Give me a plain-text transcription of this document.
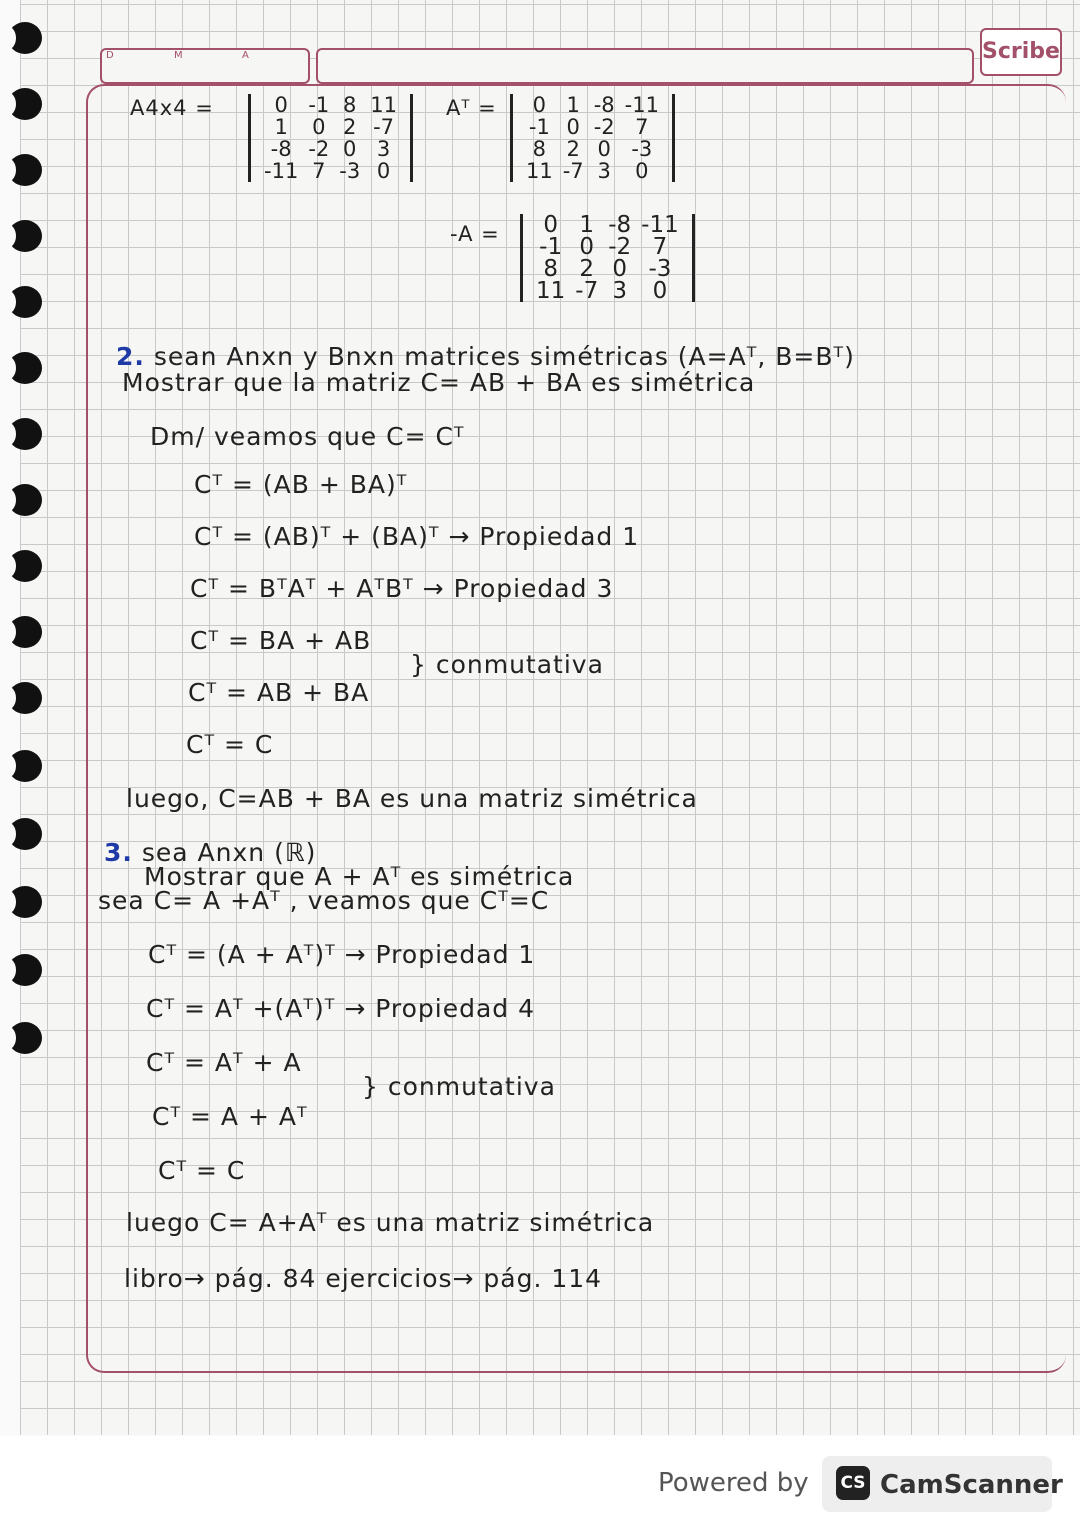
D	M	A	Scribe
A4x4 =	0	-1	8	11
1	0	2	-7
-8	-2	0	3
-11	7	-3	0
Aᵀ = 0	1	-8	-11
-1	0	-2	7
8	2	0	-3
11	-7	3	0
-A = 0	1	-8	-11
-1	0	-2	7
8	2	0	-3
11	-7	3	0
2. sean Anxn y Bnxn matrices simétricas (A=Aᵀ, B=Bᵀ)
Mostrar que la matriz C= AB + BA es simétrica
Dm/ veamos que C= Cᵀ
Cᵀ = (AB + BA)ᵀ
Cᵀ = (AB)ᵀ + (BA)ᵀ → Propiedad 1
Cᵀ = BᵀAᵀ + AᵀBᵀ → Propiedad 3
Cᵀ = BA + AB
} conmutativa
Cᵀ = AB + BA
Cᵀ = C
luego, C=AB + BA es una matriz simétrica
3. sea Anxn (ℝ)
Mostrar que A + Aᵀ es simétrica
sea C= A +Aᵀ , veamos que Cᵀ=C
Cᵀ = (A + Aᵀ)ᵀ → Propiedad 1
Cᵀ = Aᵀ +(Aᵀ)ᵀ → Propiedad 4
Cᵀ = Aᵀ + A
} conmutativa
Cᵀ = A + Aᵀ
Cᵀ = C
luego C= A+Aᵀ es una matriz simétrica
libro→ pág. 84 ejercicios→ pág. 114
Powered by CS CamScanner
